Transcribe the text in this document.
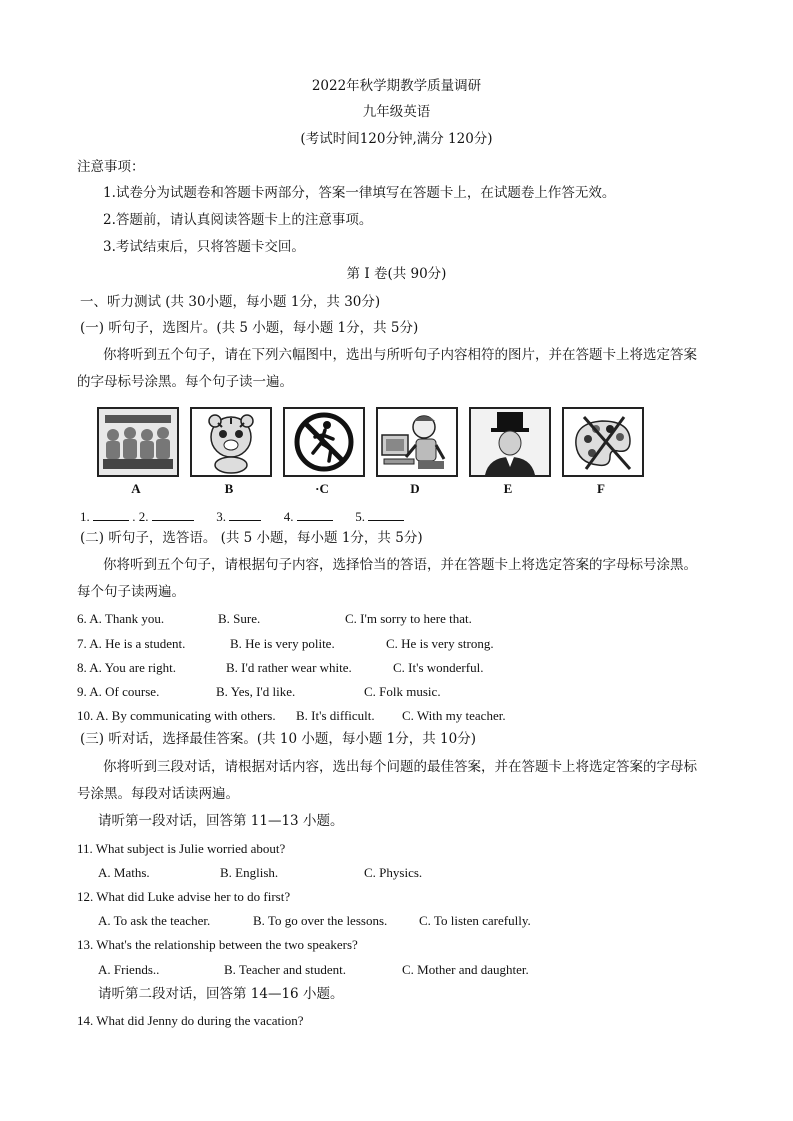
2022年秋学期教学质量调研
九年级英语
(考试时间120分钟,满分 120分)
注意事项：
1.试卷分为试题卷和答题卡两部分，答案一律填写在答题卡上，在试题卷上作答无效。
2.答题前，请认真阅读答题卡上的注意事项。
3.考试结束后，只将答题卡交回。
第 Ⅰ 卷(共 90分)
一、听力测试 (共 30小题，每小题 1分，共 30分)
(一) 听句子，选图片。(共 5 小题，每小题 1分，共 5分)
你将听到五个句子，请在下列六幅图中，选出与所听句子内容相符的图片，并在答题卡上将选定答案
的字母标号涂黑。每个句子读一遍。
A	B	·C	D	E	F
1.	. 2.	3.	4.	5.
(二) 听句子，选答语。 (共 5 小题，每小题 1分，共 5分)
你将听到五个句子，请根据句子内容，选择恰当的答语，并在答题卡上将选定答案的字母标号涂黑。
每个句子读两遍。
6. A. Thank you.	B. Sure.	C. I'm sorry to here that.
7. A. He is a student.	B. He is very polite.	C. He is very strong.
8. A. You are right.	B. I'd rather wear white.	C. It's wonderful.
9. A. Of course.	B. Yes, I'd like.	C. Folk music.
10. A. By communicating with others. B. It's difficult. C. With my teacher.
(三) 听对话，选择最佳答案。(共 10 小题，每小题 1分，共 10分)
你将听到三段对话，请根据对话内容，选出每个问题的最佳答案，并在答题卡上将选定答案的字母标
号涂黑。每段对话读两遍。
请听第一段对话，回答第 11—13 小题。
11. What subject is Julie worried about?
A. Maths.	B. English.	C. Physics.
12. What did Luke advise her to do first?
A. To ask the teacher.	B. To go over the lessons. C. To listen carefully.
13. What's the relationship between the two speakers?
A. Friends..	B. Teacher and student.	C. Mother and daughter.
请听第二段对话，回答第 14—16 小题。
14. What did Jenny do during the vacation?
